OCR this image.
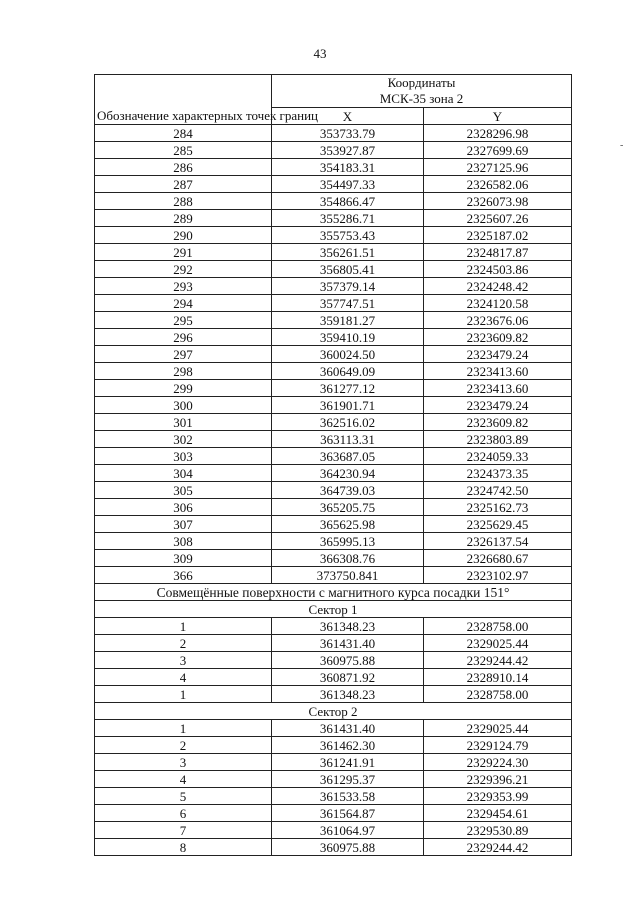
43
-
Обозначение характерных точек границ	Координаты
МСК-35 зона 2	
	X	Y
284	353733.79	2328296.98
285	353927.87	2327699.69
286	354183.31	2327125.96
287	354497.33	2326582.06
288	354866.47	2326073.98
289	355286.71	2325607.26
290	355753.43	2325187.02
291	356261.51	2324817.87
292	356805.41	2324503.86
293	357379.14	2324248.42
294	357747.51	2324120.58
295	359181.27	2323676.06
296	359410.19	2323609.82
297	360024.50	2323479.24
298	360649.09	2323413.60
299	361277.12	2323413.60
300	361901.71	2323479.24
301	362516.02	2323609.82
302	363113.31	2323803.89
303	363687.05	2324059.33
304	364230.94	2324373.35
305	364739.03	2324742.50
306	365205.75	2325162.73
307	365625.98	2325629.45
308	365995.13	2326137.54
309	366308.76	2326680.67
366	373750.841	2323102.97
Совмещённые поверхности с магнитного курса посадки 151°		
Сектор 1		
1	361348.23	2328758.00
2	361431.40	2329025.44
3	360975.88	2329244.42
4	360871.92	2328910.14
1	361348.23	2328758.00
Сектор 2		
1	361431.40	2329025.44
2	361462.30	2329124.79
3	361241.91	2329224.30
4	361295.37	2329396.21
5	361533.58	2329353.99
6	361564.87	2329454.61
7	361064.97	2329530.89
8	360975.88	2329244.42
